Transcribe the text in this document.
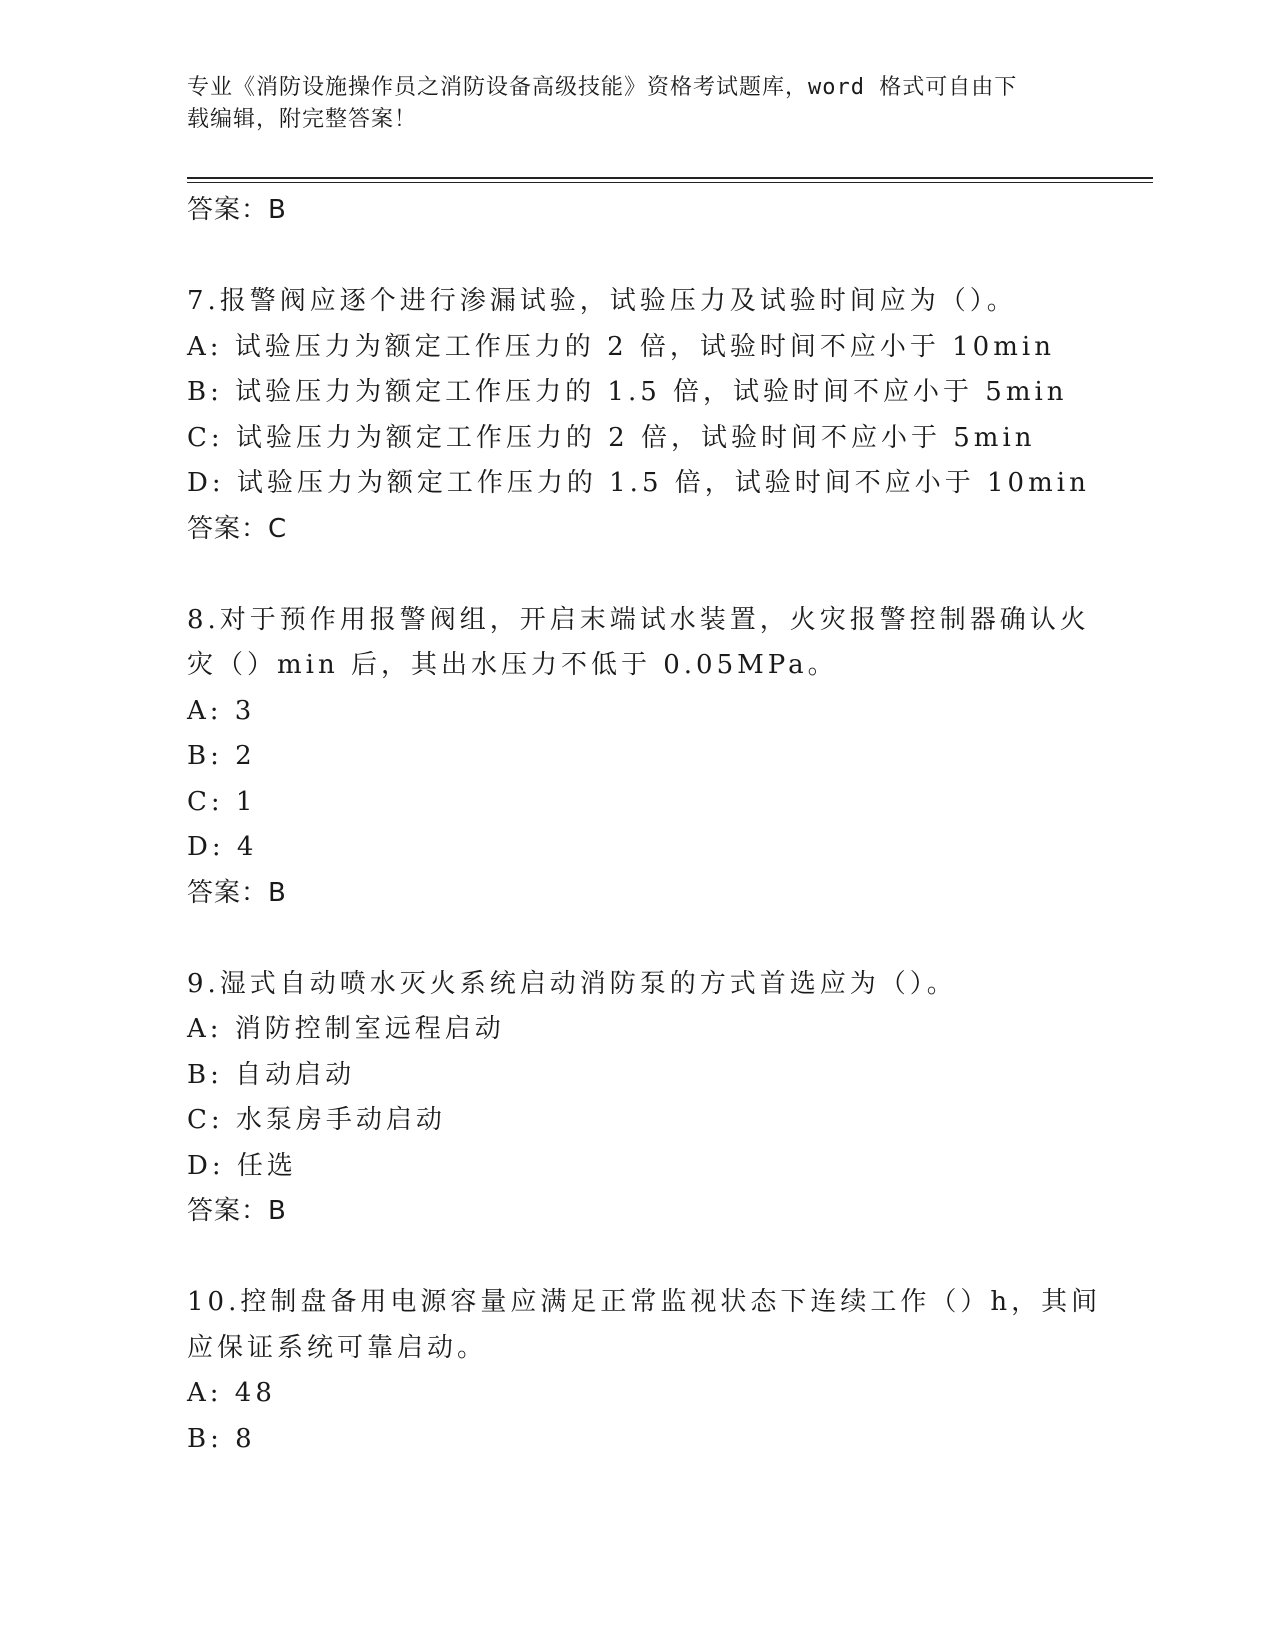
专业《消防设施操作员之消防设备高级技能》资格考试题库，word 格式可自由下
载编辑，附完整答案！
答案：B
7.报警阀应逐个进行渗漏试验，试验压力及试验时间应为（）。
A: 试验压力为额定工作压力的 2 倍，试验时间不应小于 10min
B: 试验压力为额定工作压力的 1.5 倍，试验时间不应小于 5min
C: 试验压力为额定工作压力的 2 倍，试验时间不应小于 5min
D: 试验压力为额定工作压力的 1.5 倍，试验时间不应小于 10min
答案：C
8.对于预作用报警阀组，开启末端试水装置，火灾报警控制器确认火
灾（）min 后，其出水压力不低于 0.05MPa。
A: 3
B: 2
C: 1
D: 4
答案：B
9.湿式自动喷水灭火系统启动消防泵的方式首选应为（）。
A: 消防控制室远程启动
B: 自动启动
C: 水泵房手动启动
D: 任选
答案：B
10.控制盘备用电源容量应满足正常监视状态下连续工作（）h，其间
应保证系统可靠启动。
A: 48
B: 8
